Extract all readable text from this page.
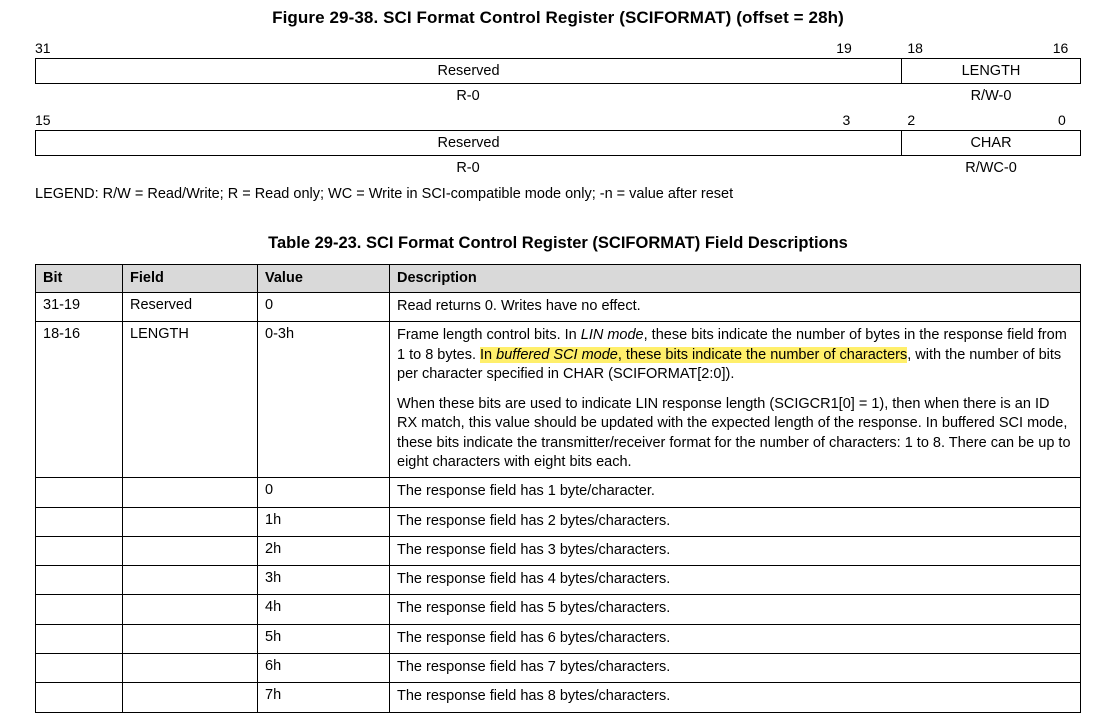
Figure 29-38. SCI Format Control Register (SCIFORMAT) (offset = 28h)
31	19	18	16
Reserved	LENGTH
R-0	R/W-0
15	3	2	0
Reserved	CHAR
R-0	R/WC-0
LEGEND: R/W = Read/Write; R = Read only; WC = Write in SCI-compatible mode only; -n = value after reset
Table 29-23. SCI Format Control Register (SCIFORMAT) Field Descriptions
Bit	Field	Value	Description
31-19	Reserved	0	Read returns 0. Writes have no effect.

18-16	LENGTH	0-3h	Frame length control bits. In LIN mode, these bits indicate the number of bytes in the response field from 1 to 8 bytes. In buffered SCI mode, these bits indicate the number of characters, with the number of bits per character specified in CHAR (SCIFORMAT[2:0]).

When these bits are used to indicate LIN response length (SCIGCR1[0] = 1), then when there is an ID RX match, this value should be updated with the expected length of the response. In buffered SCI mode, these bits indicate the transmitter/receiver format for the number of characters: 1 to 8. There can be up to eight characters with eight bits each.

		0	The response field has 1 byte/character.

		1h	The response field has 2 bytes/characters.

		2h	The response field has 3 bytes/characters.

		3h	The response field has 4 bytes/characters.

		4h	The response field has 5 bytes/characters.

		5h	The response field has 6 bytes/characters.

		6h	The response field has 7 bytes/characters.

		7h	The response field has 8 bytes/characters.
